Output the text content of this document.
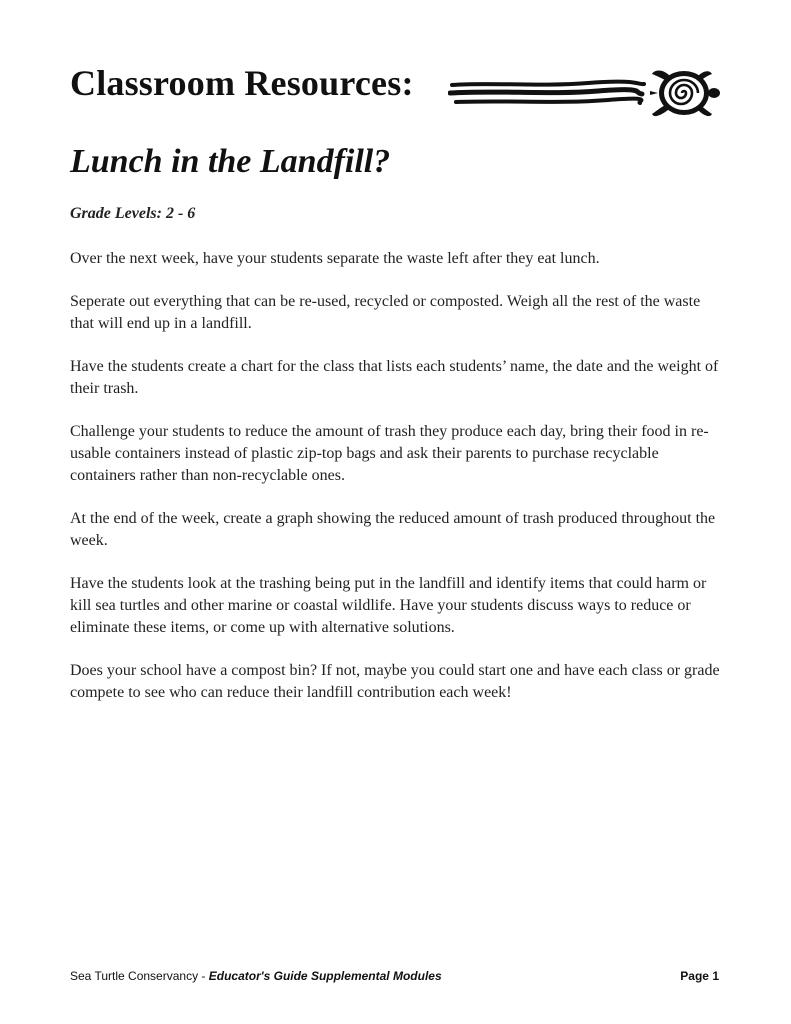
Classroom Resources:
Lunch in the Landfill?
Grade Levels: 2 - 6

Over the next week, have your students separate the waste left after they eat lunch.

Seperate out everything that can be re-used, recycled or composted. Weigh all the rest of the waste that will end up in a landfill.

Have the students create a chart for the class that lists each students’ name, the date and the weight of their trash.

Challenge your students to reduce the amount of trash they produce each day, bring their food in re-usable containers instead of plastic zip-top bags and ask their parents to purchase recyclable containers rather than non-recyclable ones.

At the end of the week, create a graph showing the reduced amount of trash produced throughout the week.

Have the students look at the trashing being put in the landfill and identify items that could harm or kill sea turtles and other marine or coastal wildlife. Have your students discuss ways to reduce or eliminate these items, or come up with alternative solutions.

Does your school have a compost bin? If not, maybe you could start one and have each class or grade compete to see who can reduce their landfill contribution each week!

Sea Turtle Conservancy - Educator's Guide Supplemental Modules	Page 1
